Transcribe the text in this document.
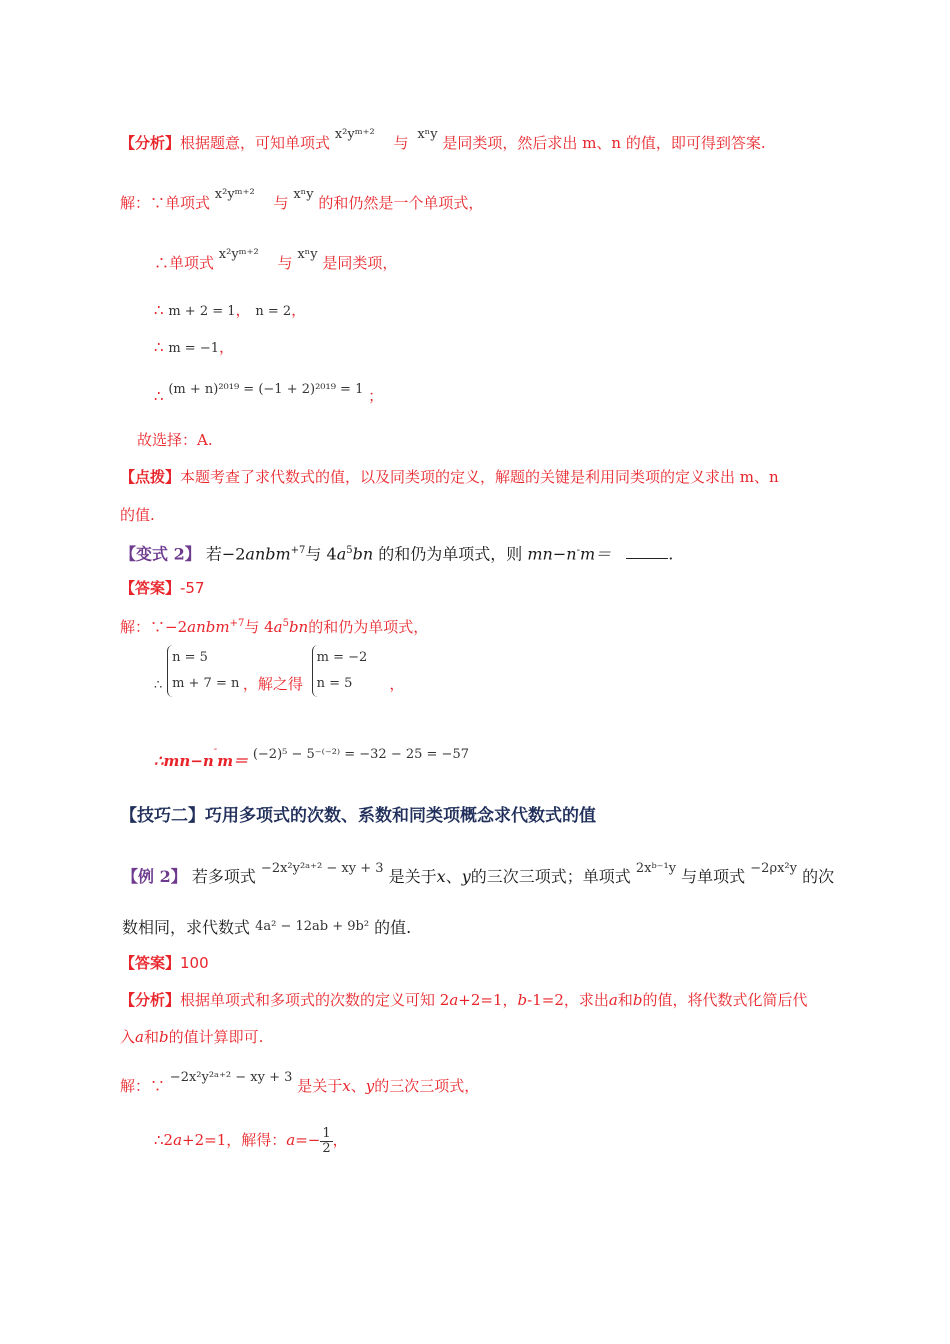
【分析】根据题意，可知单项式 x²yᵐ⁺² 与 xⁿy 是同类项，然后求出 m、n 的值，即可得到答案.
解：∵单项式 x²yᵐ⁺² 与 xⁿy 的和仍然是一个单项式，
∴单项式 x²yᵐ⁺² 与 xⁿy 是同类项，
∴ m + 2 = 1， n = 2，
∴ m = −1，
∴ (m + n)²⁰¹⁹ = (−1 + 2)²⁰¹⁹ = 1 ；
故选择：A.
【点拨】本题考查了求代数式的值，以及同类项的定义，解题的关键是利用同类项的定义求出 m、n
的值.
【变式 2】 若−2anbm$^{+7}$与 $4a^5bn$ 的和仍为单项式，则 mn−n-m＝	.
【答案】-57
解：∵−2anbm$^{+7}$与 $4a^5bn$的和仍为单项式，
∴
n = 5
m + 7 = n ，解之得
m = −2
n = 5	，
∴mn−n-m＝ (−2)⁵ − 5⁻⁽⁻²⁾ = −32 − 25 = −57
【技巧二】巧用多项式的次数、系数和同类项概念求代数式的值
【例 2】 若多项式 $^{-2x^2y^2ᵃ^{+2} - xy + 3}$ 是关于x、y的三次三项式；单项式 $^{2xᵇ^{-1}y}$ 与单项式 $^{-2\rho x^2y}$ 的次
数相同，求代数式 4a² − 12ab + 9b² 的值.
【答案】100
【分析】根据单项式和多项式的次数的定义可知 2a+2=1，b-1=2，求出a和b的值，将代数式化简后代
入a和b的值计算即可.
解：∵ −2x²y²ᵃ⁺² − xy + 3 是关于x、y的三次三项式，
∴2a+2=1，解得：$a=- \frac{1}{2}$ ，
